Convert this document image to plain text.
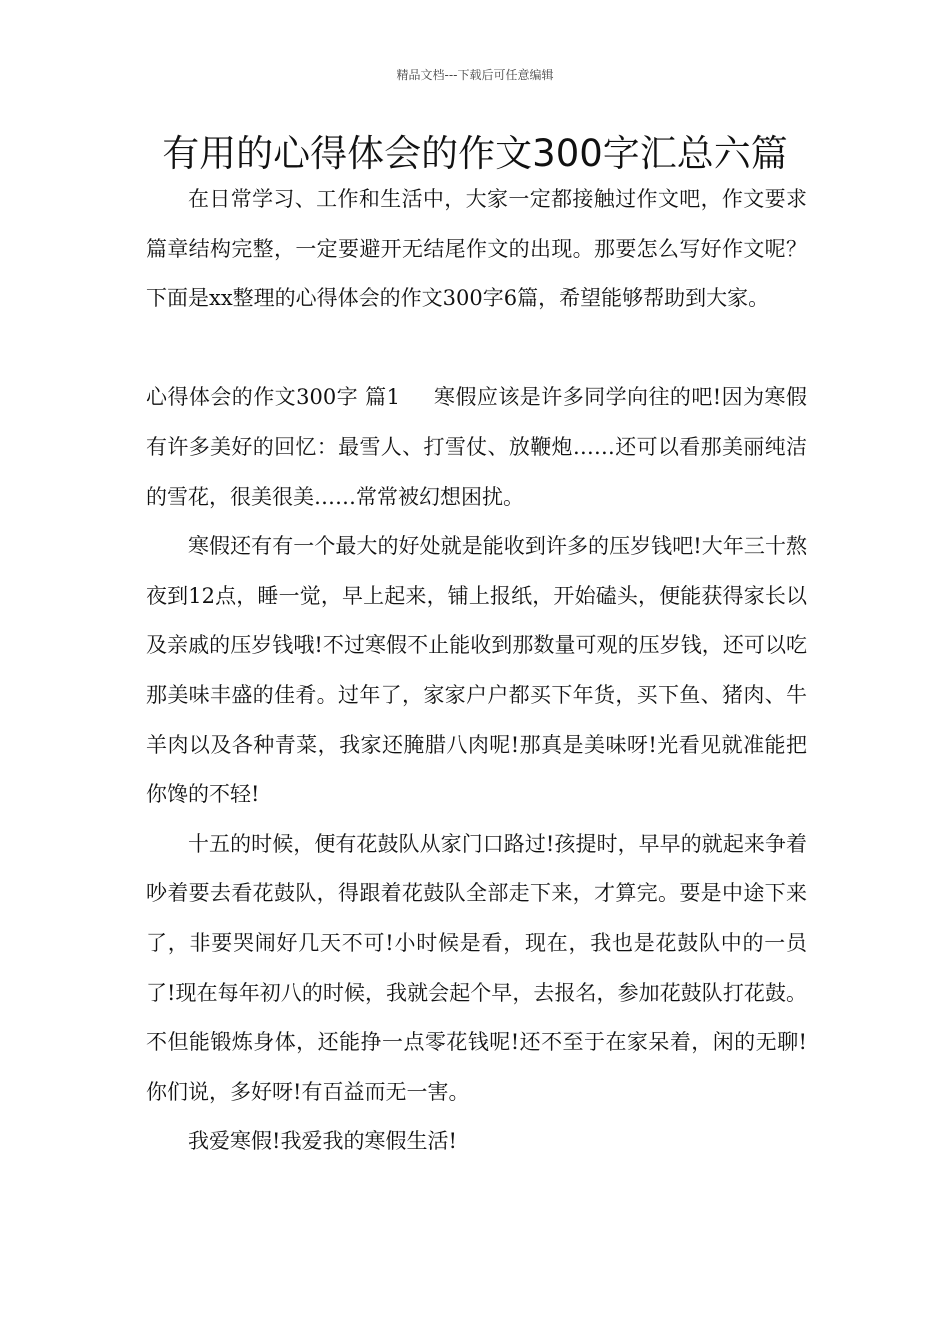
精品文档---下载后可任意编辑
有用的心得体会的作文300字汇总六篇

在日常学习、工作和生活中，大家一定都接触过作文吧，作文要求篇章结构完整，一定要避开无结尾作文的出现。那要怎么写好作文呢？下面是xx整理的心得体会的作文300字6篇，希望能够帮助到大家。

心得体会的作文300字 篇1 寒假应该是许多同学向往的吧!因为寒假有许多美好的回忆：最雪人、打雪仗、放鞭炮……还可以看那美丽纯洁的雪花，很美很美……常常被幻想困扰。

寒假还有有一个最大的好处就是能收到许多的压岁钱吧!大年三十熬夜到12点，睡一觉，早上起来，铺上报纸，开始磕头，便能获得家长以及亲戚的压岁钱哦!不过寒假不止能收到那数量可观的压岁钱，还可以吃那美味丰盛的佳肴。过年了，家家户户都买下年货，买下鱼、猪肉、牛羊肉以及各种青菜，我家还腌腊八肉呢!那真是美味呀!光看见就准能把你馋的不轻!

十五的时候，便有花鼓队从家门口路过!孩提时，早早的就起来争着吵着要去看花鼓队，得跟着花鼓队全部走下来，才算完。要是中途下来了，非要哭闹好几天不可!小时候是看，现在，我也是花鼓队中的一员了!现在每年初八的时候，我就会起个早，去报名，参加花鼓队打花鼓。不但能锻炼身体，还能挣一点零花钱呢!还不至于在家呆着，闲的无聊!你们说，多好呀!有百益而无一害。

我爱寒假!我爱我的寒假生活!
